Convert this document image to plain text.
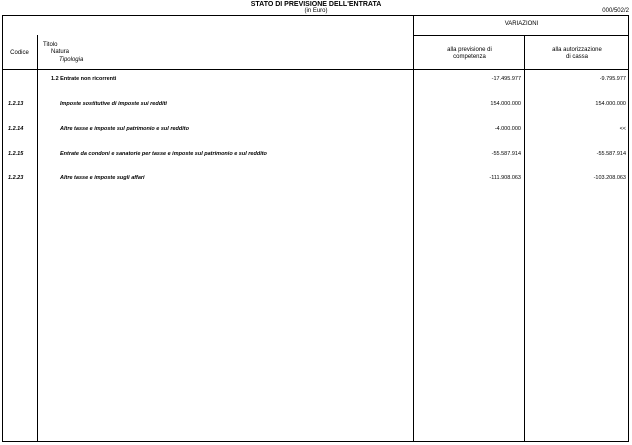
STATO DI PREVISIONE DELL'ENTRATA
(in Euro)	000/502/2
VARIAZIONI
Codice
Titolo
Natura
Tipologia
alla previsione di
competenza
alla autorizzazione
di cassa
1.2 Entrate non ricorrenti	-17.495.977	-9.795.977
1.2.13	Imposte sostitutive di imposte sui redditi	154.000.000	154.000.000
1.2.14	Altre tasse e imposte sul patrimonio e sul reddito	-4.000.000	<<
1.2.15	Entrate da condoni e sanatorie per tasse e imposte sul patrimonio e sul reddito	-55.587.914	-55.587.914
1.2.23	Altre tasse e imposte sugli affari	-111.908.063	-103.208.063
